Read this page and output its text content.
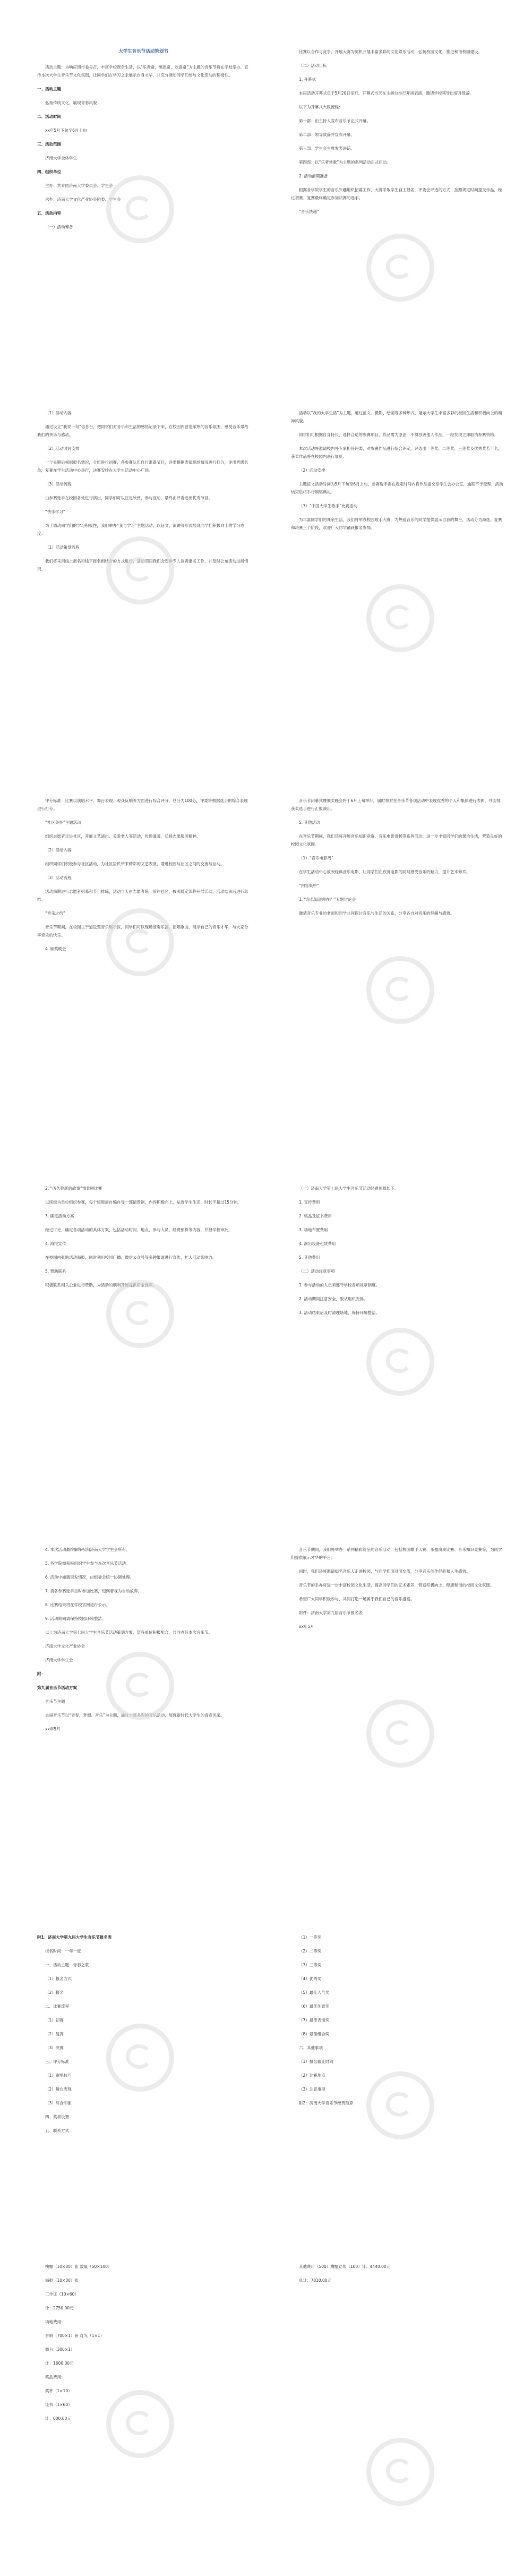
大学生音乐节活动策划书

活动主题：为响应团市委号召，丰富学校课余生活，以“乐者常，感恩常，欢喜常”为主题的音乐节将在学校举办，宣传本次大学生音乐节文化氛围，让同学们在学习之余展示自身才华，并充分调动同学们参与文化活动的积极性。

一、活动主题

弘扬传统文化，展现青春风貌

二、活动时间

xx年5月下旬至6月上旬

三、活动范围

济南大学全体学生

四、组织单位

主办：共青团济南大学委员会、学生会

承办：济南大学文化产业协会团委、学生会

五、活动内容

（一）活动筹备

比赛以合作与竞争、开展大赛为契机开展丰富多彩的文化娱乐活动，弘扬校园文化，推进和谐校园建设。

（二）活动目标

1. 开幕式

本届活动开幕式定于5月20日举行，开幕式当天在主舞台举行开场表演，邀请学校领导出席并致辞。

以下为开幕式大致流程：

第一部：由主持人宣布音乐节正式开幕。

第二部：领导致辞并宣布开幕。

第三部：学生会主席发表讲话。

第四部：以“乐者常歌”为主题的系列活动正式启动。

2. 活动前期准备

根据各学院学生的音乐兴趣组织招募工作，大赛采取学生自主报名，评委会评选的方式，按照规定时间提交作品，经过初赛、复赛最终确定参加决赛的选手。

“音乐快递”

（1）活动内容

通过设立“我说一句”信息台，把同学们对音乐和生活的感悟记录下来，在校园内营造浓厚的音乐氛围，感受音乐带给我们的快乐与感动。

（2）活动时间安排

一个星期后根据报名情况，分组进行初赛，各参赛队伍自行准备节目，评委根据表演现场情况进行打分，评出晋级名单，复赛在学生活动中心举行，决赛安排在大学生活动中心广场。

（3）活动流程

由参赛选手在校园各处进行演出，同学们可以驻足欣赏，参与互动，最终由评委选出优秀节目。

“快乐学习”

为了调动同学们的学习积极性，我们举办“我与学习”主题活动，以征文、演讲等形式展现同学们积极向上的学习态度。

（1）活动策划流程

我们将采用线上报名和线下报名相结合的方式进行，活动期间我们会安排专人负责报名工作，并及时公布活动进展情况。

活动以“我的大学生活”为主题，通过征文、摄影、绘画等多种形式，展示大学生丰富多彩的校园生活和积极向上的精神风貌。

同学们可根据自身特长，选择合适的参赛项目，作品需为原创，不得抄袭他人作品，一经发现立即取消参赛资格。

本次活动将邀请校内外专家担任评委，对参赛作品进行综合评定，评选出一等奖、二等奖、三等奖及优秀奖若干名，获奖作品将在校园内进行展览。

（2）活动安排

主题征文活动时间为5月下旬至6月上旬，参赛选手需在规定时间内将作品提交至学生会办公室，逾期不予受理，活动结束后将举行颁奖典礼。

（3）“中国大学生歌手”比赛活动

为丰富同学们的课余生活，我们将举办校园歌手大赛，为热爱音乐的同学提供展示自我的舞台，活动分为海选、复赛和决赛三个阶段，欢迎广大同学踊跃报名参加。

评分标准：比赛以演唱水平、舞台表现、观众反响等方面进行综合评分，总分为100分，评委将根据选手的综合表现进行打分。

“社区关怀”主题活动

组织志愿者走进社区，开展文艺演出、关爱老人等活动，传递温暖，弘扬志愿服务精神。

（2）活动内容

组织同学们积极参与社区活动，为社区居民带来精彩的文艺表演，增进校园与社区之间的交流与互动。

（3）活动流程

活动前期进行志愿者招募和节目排练，活动当天由志愿者统一前往社区，按照既定流程开展活动，活动结束后进行总结。

“音乐之约”

音乐节期间，在校园主干道设置音乐展示区，同学们可以现场演奏乐器、演唱歌曲，展示自己的音乐才华，与大家分享音乐的快乐。

4. 颁奖晚会

音乐节闭幕式暨颁奖晚会将于6月上旬举行，届时将对在音乐节各项活动中表现优秀的个人和集体进行表彰，并安排获奖选手进行汇报演出。

5. 其他活动

在音乐节期间，我们还将开展音乐知识竞赛、音乐电影赏析等系列活动，进一步丰富同学们的课余生活，营造良好的校园文化氛围。

（1）“音乐电影周”

在学生活动中心放映经典音乐电影，让同学们在欣赏电影的同时感受音乐的魅力，提升艺术修养。

“内容集中”

1. “怎么知道你在？”专题讨论会

邀请音乐专业的老师和同学共同探讨音乐与生活的关系，分享各自对音乐的理解与感悟。

2. “历久弥新的故事”情景剧比赛

以班级为单位组织参赛，每个班级需自编自导一部情景剧，内容积极向上，贴近学生生活，时长不超过15分钟。

3. 确定活动方案

经过讨论，确定各项活动的具体方案，包括活动时间、地点、参与人员、经费预算等内容，并报学校审批。

4. 海报宣传

在校园内张贴活动海报，同时利用校园广播、微信公众号等多种渠道进行宣传，扩大活动影响力。

5. 赞助联系

积极联系相关企业进行赞助，为活动的顺利开展提供资金保障。

（一）济南大学第七届大学生音乐节活动经费预算如下。

1. 宣传费用

2. 奖品及证书费用

3. 场地布置费用

4. 演出设备租赁费用

5. 其他费用

（二）活动注意事项

1. 参与活动的人员须遵守学校各项规章制度。

2. 活动期间注意安全，服从组织安排。

3. 活动结束后及时清理场地，保持环境整洁。

4. 本次活动最终解释权归济南大学学生会所有。

5. 各学院需积极组织学生参与本次音乐节活动。

6. 活动中如遇突发情况，由组委会统一协调处理。

7. 请各参赛选手按时参加比赛，迟到者视为自动放弃。

8. 比赛结果将在学校官网进行公示。

9. 活动期间请保持校园环境整洁。

以上为济南大学第七届大学生音乐节活动策划方案，望各单位积极配合，共同办好本次音乐节。

济南大学文化产业协会

济南大学学生会

附：

第九届音乐节活动方案

音乐节主题

本届音乐节以“青春、梦想、音乐”为主题，通过丰富多彩的音乐活动，展现新时代大学生的青春风采。

xx年5月

音乐节期间，我们将举办一系列精彩纷呈的音乐活动，包括校园歌手大赛、乐器演奏比赛、音乐知识竞赛等，为同学们提供展示才华的平台。

同时，我们还将邀请知名音乐人走进校园，与同学们面对面交流，分享音乐创作经验和人生感悟。

音乐节的举办将进一步丰富校园文化生活，提高同学们的艺术素养，营造积极向上、健康和谐的校园文化氛围。

希望广大同学积极参与，共同打造一场属于我们自己的音乐盛宴。

附件：济南大学第九届音乐节报名表

xx年5月

附1：济南大学第九届大学生音乐节报名表

报名时间：一年一度

一、活动主题：青春之歌

（1）报名方式

（2）报名

二、比赛流程

（1）初赛

（2）复赛

（3）决赛

三、评分标准

（1）歌唱技巧

（2）舞台表现

（3）综合印象

四、奖项设置

五、联系方式

（1）一等奖

（2）二等奖

（3）三等奖

（4）优秀奖

（5）最佳人气奖

（6）最佳创意奖

（7）最佳表演奖

（8）最佳组合奖

六、其他事项

（1）报名截止时间

（2）比赛地点

（3）注意事项

附2：济南大学音乐节经费预算

横幅（10×30）张 数量（50×100）

海报（10×30）张

工作证（10×60）

计：2750.00元

场地费用：

音响（700×1）套 灯光（1×1）

舞台（300×1）

计：1600.00元

奖品费用：

奖杯（1×10）

证书（1×60）

计：600.00元

其他费用（500）横幅宣传（100）计：4440.00元

总计：7810.00元
